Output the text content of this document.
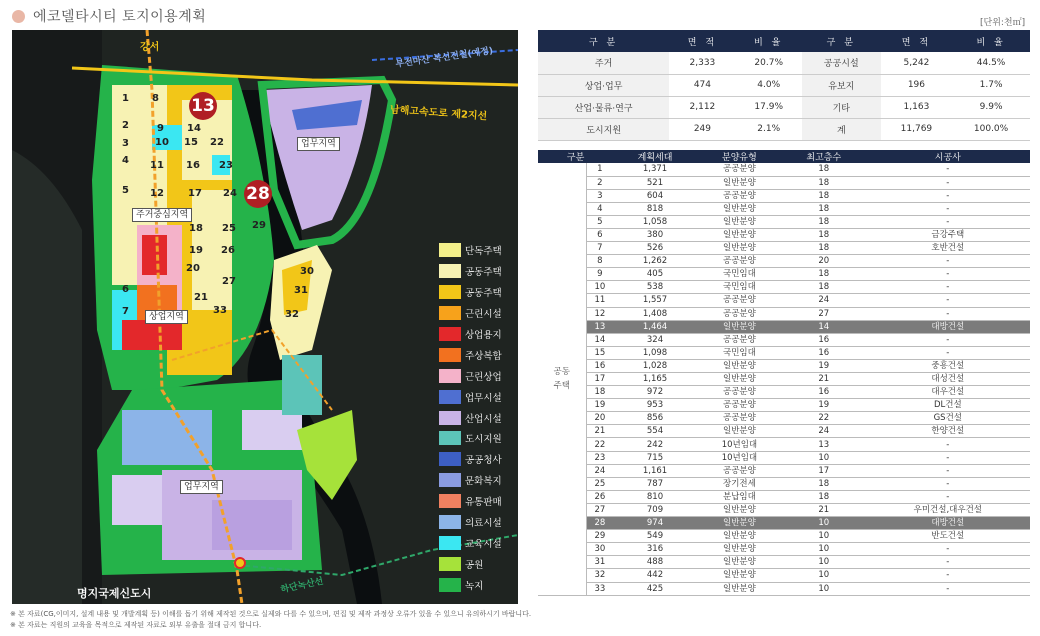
에코델타시티 토지이용계획
강서	부전마산 복선전철(예정)
남해고속도로 제2지선
하단녹산선
주거중심지역
상업지역
업무지역
업무지역
1 8
2
3
9 14
22
4
10 15
11 16 23
5 12 17 24
18 25 29
19 26
20
27
30
6	31
21
7	33	32
13
28
단독주택
공동주택
공동주택
근린시설
상업용지
주상복합
근린상업
업무시설
산업시설
도시지원
공공청사
문화복지
유통판매
의료시설
교육시설
공원
녹지
명지국제신도시
[단위:천㎡]
구 분	면 적	비 율	구 분	면 적	비 율
주거	2,333	20.7%	공공시설	5,242	44.5%
상업·업무	474	4.0%	유보지	196	1.7%
산업·물류·연구	2,112	17.9%	기타	1,163	9.9%
도시지원	249	2.1%	계	11,769	100.0%
구분		계획세대	분양유형	최고층수	시공사
공동
주택	1	1,371	공공분양	18	-
	2	521	일반분양	18	-
	3	604	공공분양	18	-
	4	818	일반분양	18	-
	5	1,058	일반분양	18	-
	6	380	일반분양	18	금강주택
	7	526	일반분양	18	호반건설
	8	1,262	공공분양	20	-
	9	405	국민임대	18	-
	10	538	국민임대	18	-
	11	1,557	공공분양	24	-
	12	1,408	공공분양	27	-
	13	1,464	일반분양	14	대방건설
	14	324	공공분양	16	-
	15	1,098	국민임대	16	-
	16	1,028	일반분양	19	중흥건설
	17	1,165	일반분양	21	대성건설
	18	972	공공분양	16	대우건설
	19	953	공공분양	19	DL건설
	20	856	공공분양	22	GS건설
	21	554	일반분양	24	한양건설
	22	242	10년임대	13	-
	23	715	10년임대	10	-
	24	1,161	공공분양	17	-
	25	787	장기전세	18	-
	26	810	분납임대	18	-
	27	709	일반분양	21	우미건설,대우건설
	28	974	일반분양	10	대방건설
	29	549	일반분양	10	반도건설
	30	316	일반분양	10	-
	31	488	일반분양	10	-
	32	442	일반분양	10	-
	33	425	일반분양	10	-
※ 본 자료(CG,이미지, 설계 내용 및 개발계획 등) 이해를 돕기 위해 제작된 것으로 실제와 다를 수 있으며, 편집 및 제작 과정상 오류가 있을 수 있으니 유의하시기 바랍니다.
※ 본 자료는 직원의 교육을 목적으로 제작된 자료로 외부 유출을 절대 금지 합니다.
